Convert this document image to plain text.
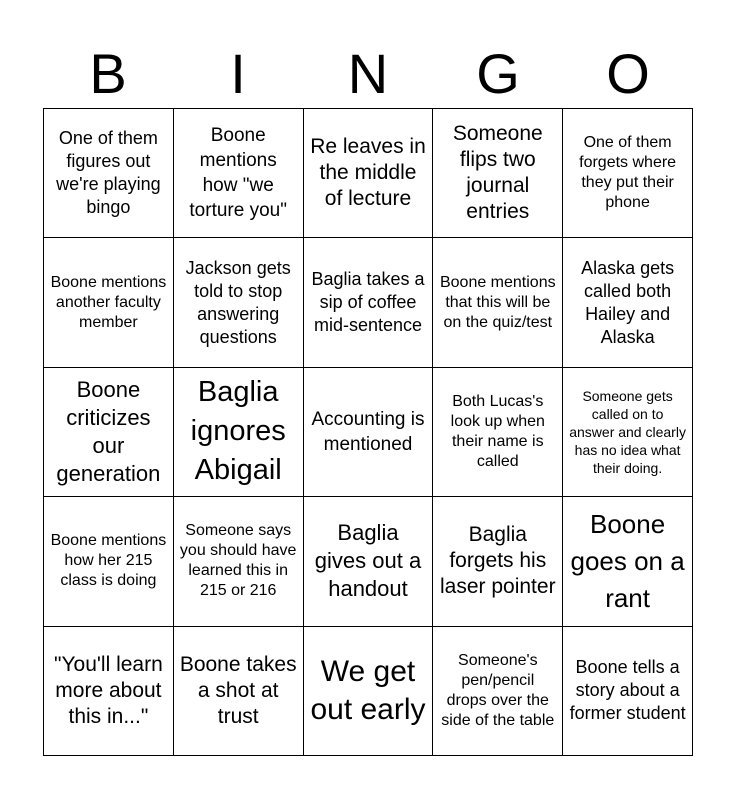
B	I	N	G	O
One of them figures out we're playing bingo
Boone mentions how "we torture you"
Re leaves in the middle of lecture
Someone flips two journal entries
One of them forgets where they put their phone
Boone mentions another faculty member
Jackson gets told to stop answering questions
Baglia takes a sip of coffee mid-sentence
Boone mentions that this will be on the quiz/test
Alaska gets called both Hailey and Alaska
Boone criticizes our generation
Baglia ignores Abigail
Accounting is mentioned
Both Lucas's look up when their name is called
Someone gets called on to answer and clearly has no idea what their doing.
Boone mentions how her 215 class is doing
Someone says you should have learned this in 215 or 216
Baglia gives out a handout
Baglia forgets his laser pointer
Boone goes on a rant
"You'll learn more about this in..."
Boone takes a shot at trust
We get out early
Someone's pen/pencil drops over the side of the table
Boone tells a story about a former student
